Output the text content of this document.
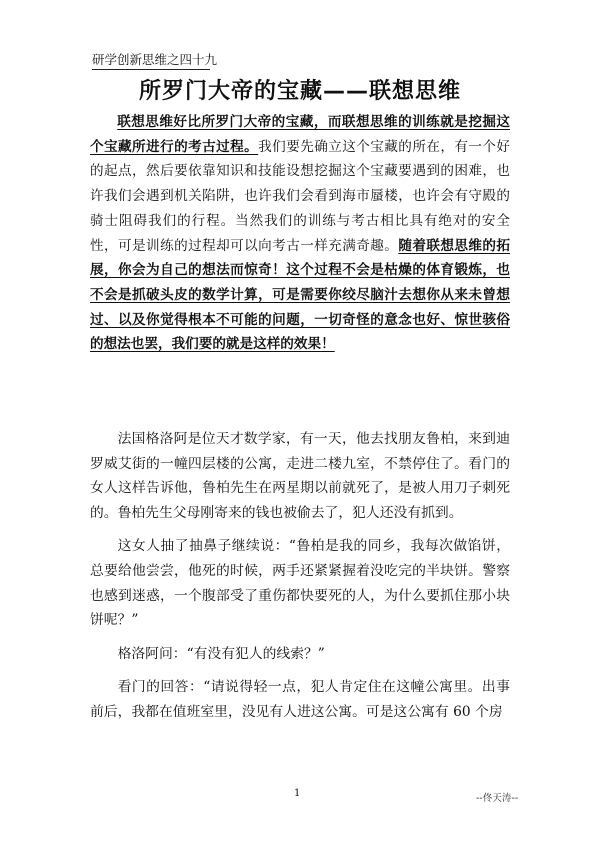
研学创新思维之四十九
所罗门大帝的宝藏——联想思维

联想思维好比所罗门大帝的宝藏，而联想思维的训练就是挖掘这个宝藏所进行的考古过程。我们要先确立这个宝藏的所在，有一个好的起点，然后要依靠知识和技能设想挖掘这个宝藏要遇到的困难，也许我们会遇到机关陷阱，也许我们会看到海市蜃楼，也许会有守殿的骑士阻碍我们的行程。当然我们的训练与考古相比具有绝对的安全性，可是训练的过程却可以向考古一样充满奇趣。随着联想思维的拓展，你会为自己的想法而惊奇！这个过程不会是枯燥的体育锻炼，也不会是抓破头皮的数学计算，可是需要你绞尽脑汁去想你从来未曾想过、以及你觉得根本不可能的问题，一切奇怪的意念也好、惊世骇俗的想法也罢，我们要的就是这样的效果！

法国格洛阿是位天才数学家，有一天，他去找朋友鲁柏，来到迪罗威艾街的一幢四层楼的公寓，走进二楼九室，不禁停住了。看门的女人这样告诉他，鲁柏先生在两星期以前就死了，是被人用刀子刺死的。鲁柏先生父母刚寄来的钱也被偷去了，犯人还没有抓到。

这女人抽了抽鼻子继续说：“鲁柏是我的同乡，我每次做馅饼，总要给他尝尝，他死的时候，两手还紧紧握着没吃完的半块饼。警察也感到迷惑，一个腹部受了重伤都快要死的人，为什么要抓住那小块饼呢？”

格洛阿问：“有没有犯人的线索？”

看门的回答：“请说得轻一点，犯人肯定住在这幢公寓里。出事前后，我都在值班室里，没见有人进这公寓。可是这公寓有 60 个房

1	--佟天涛--
